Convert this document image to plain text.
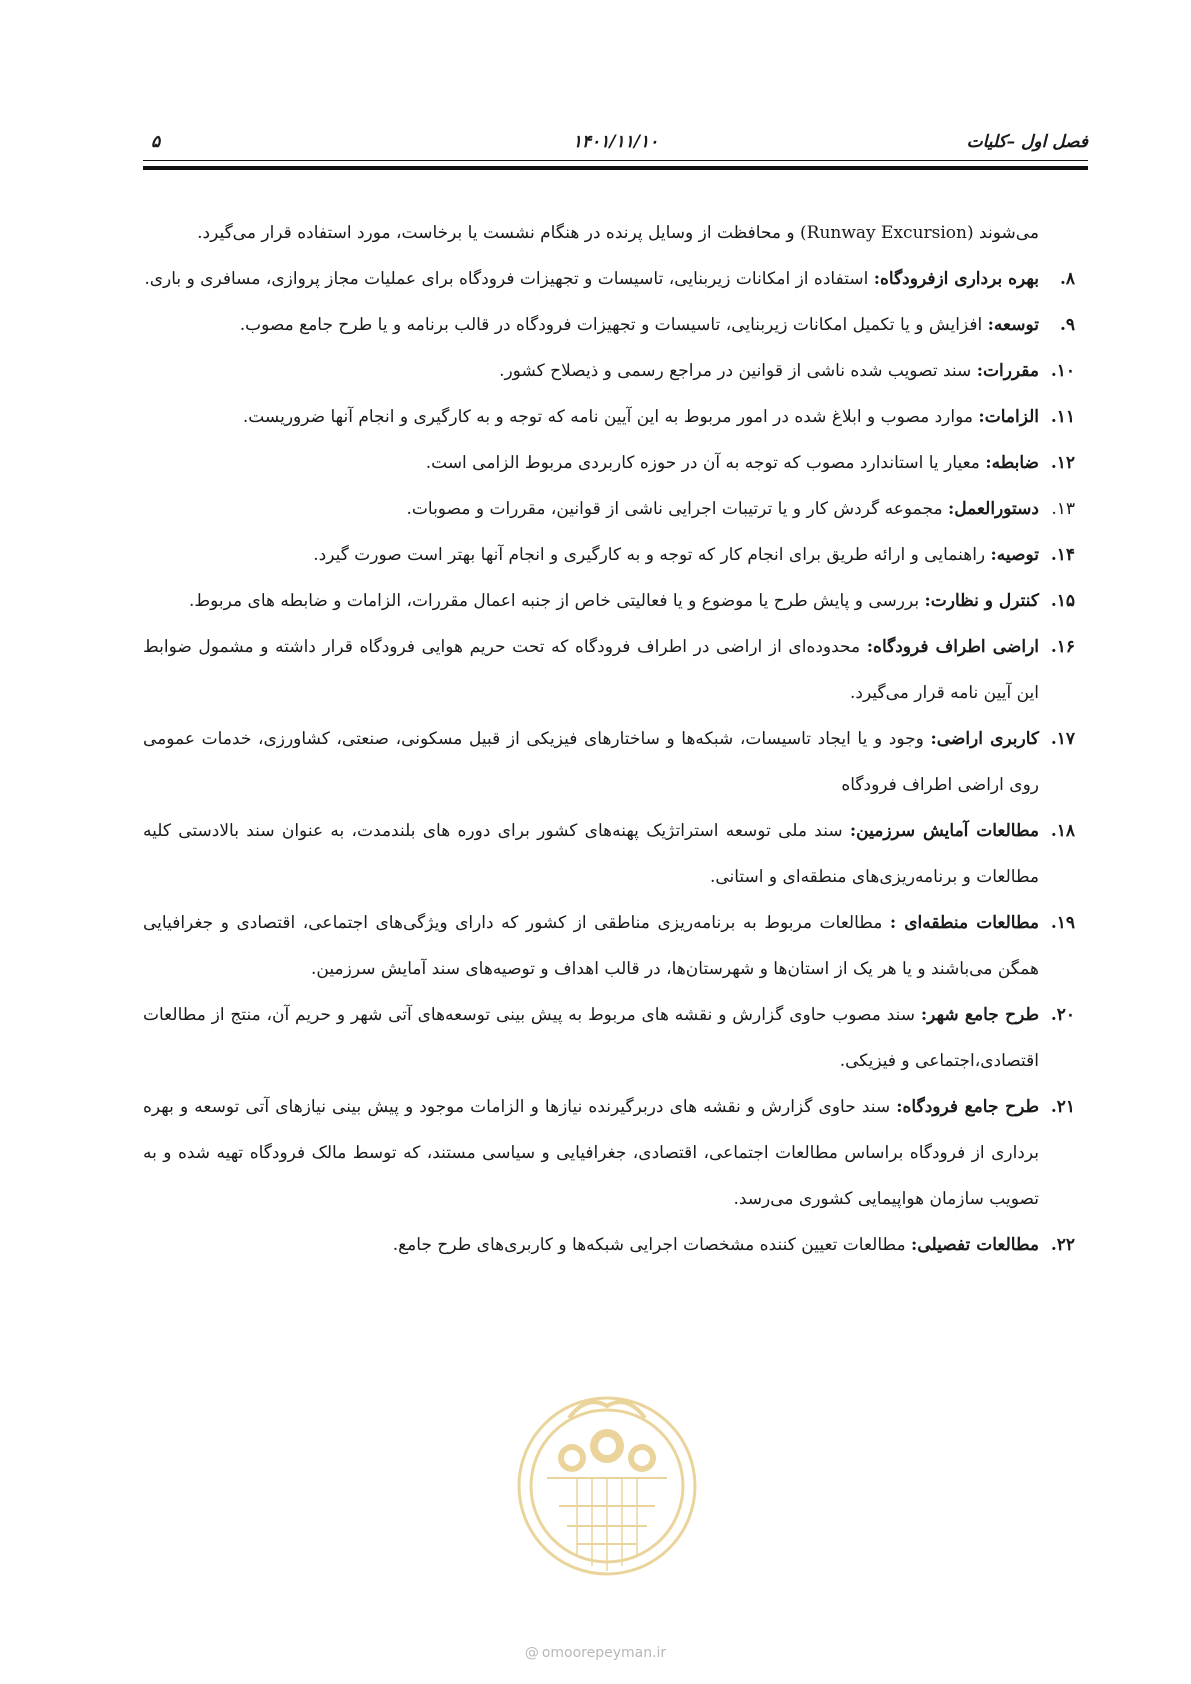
فصل اول –کلیات
۱۴۰۱/۱۱/۱۰
۵

می‌شوند (Runway Excursion) و محافظت از وسایل پرنده در هنگام نشست یا برخاست، مورد استفاده قرار می‌گیرد.

۸.
بهره برداری ازفرودگاه: استفاده از امکانات زیربنایی، تاسیسات و تجهیزات فرودگاه برای عملیات مجاز پروازی، مسافری و باری.
۹.
توسعه: افزایش و یا تکمیل امکانات زیربنایی، تاسیسات و تجهیزات فرودگاه در قالب برنامه و یا طرح جامع مصوب.
۱۰.
مقررات: سند تصویب شده ناشی از قوانین در مراجع رسمی و ذیصلاح کشور.
۱۱.
الزامات: موارد مصوب و ابلاغ شده در امور مربوط به این آیین نامه که توجه و به کارگیری و انجام آنها ضروریست.
۱۲.
ضابطه: معیار یا استاندارد مصوب که توجه به آن در حوزه کاربردی مربوط الزامی است.
۱۳.
دستورالعمل: مجموعه گردش کار و یا ترتیبات اجرایی ناشی از قوانین، مقررات و مصوبات.
۱۴.
توصیه: راهنمایی و ارائه طریق برای انجام کار که توجه و به کارگیری و انجام آنها بهتر است صورت گیرد.
۱۵.
کنترل و نظارت: بررسی و پایش طرح یا موضوع و یا فعالیتی خاص از جنبه اعمال مقررات، الزامات و ضابطه های مربوط.
۱۶.
اراضی اطراف فرودگاه: محدوده‌ای از اراضی در اطراف فرودگاه که تحت حریم هوایی فرودگاه قرار داشته و مشمول ضوابط این آیین نامه قرار می‌گیرد.
۱۷.
کاربری اراضی: وجود و یا ایجاد تاسیسات، شبکه‌ها و ساختارهای فیزیکی از قبیل مسکونی، صنعتی، کشاورزی، خدمات عمومی روی اراضی اطراف فرودگاه
۱۸.
مطالعات آمایش سرزمین: سند ملی توسعه استراتژیک پهنه‌های کشور برای دوره های بلندمدت، به عنوان سند بالادستی کلیه مطالعات و برنامه‌ریزی‌های منطقه‌ای و استانی.
۱۹.
مطالعات منطقه‌ای : مطالعات مربوط به برنامه‌ریزی مناطقی از کشور که دارای ویژگی‌های اجتماعی، اقتصادی و جغرافیایی همگن می‌باشند و یا هر یک از استان‌ها و شهرستان‌ها، در قالب اهداف و توصیه‌های سند آمایش سرزمین.
۲۰.
طرح جامع شهر: سند مصوب حاوی گزارش و نقشه های مربوط به پیش بینی توسعه‌های آتی شهر و حریم آن، منتج از مطالعات اقتصادی،اجتماعی و فیزیکی.
۲۱.
طرح جامع فرودگاه: سند حاوی گزارش و نقشه های دربرگیرنده نیازها و الزامات موجود و پیش بینی نیازهای آتی توسعه و بهره برداری از فرودگاه براساس مطالعات اجتماعی، اقتصادی، جغرافیایی و سیاسی مستند، که توسط مالک فرودگاه تهیه شده و به تصویب سازمان هواپیمایی کشوری می‌رسد.
۲۲.
مطالعات تفصیلی: مطالعات تعیین کننده مشخصات اجرایی شبکه‌ها و کاربری‌های طرح جامع.
@ omoorepeyman.ir
